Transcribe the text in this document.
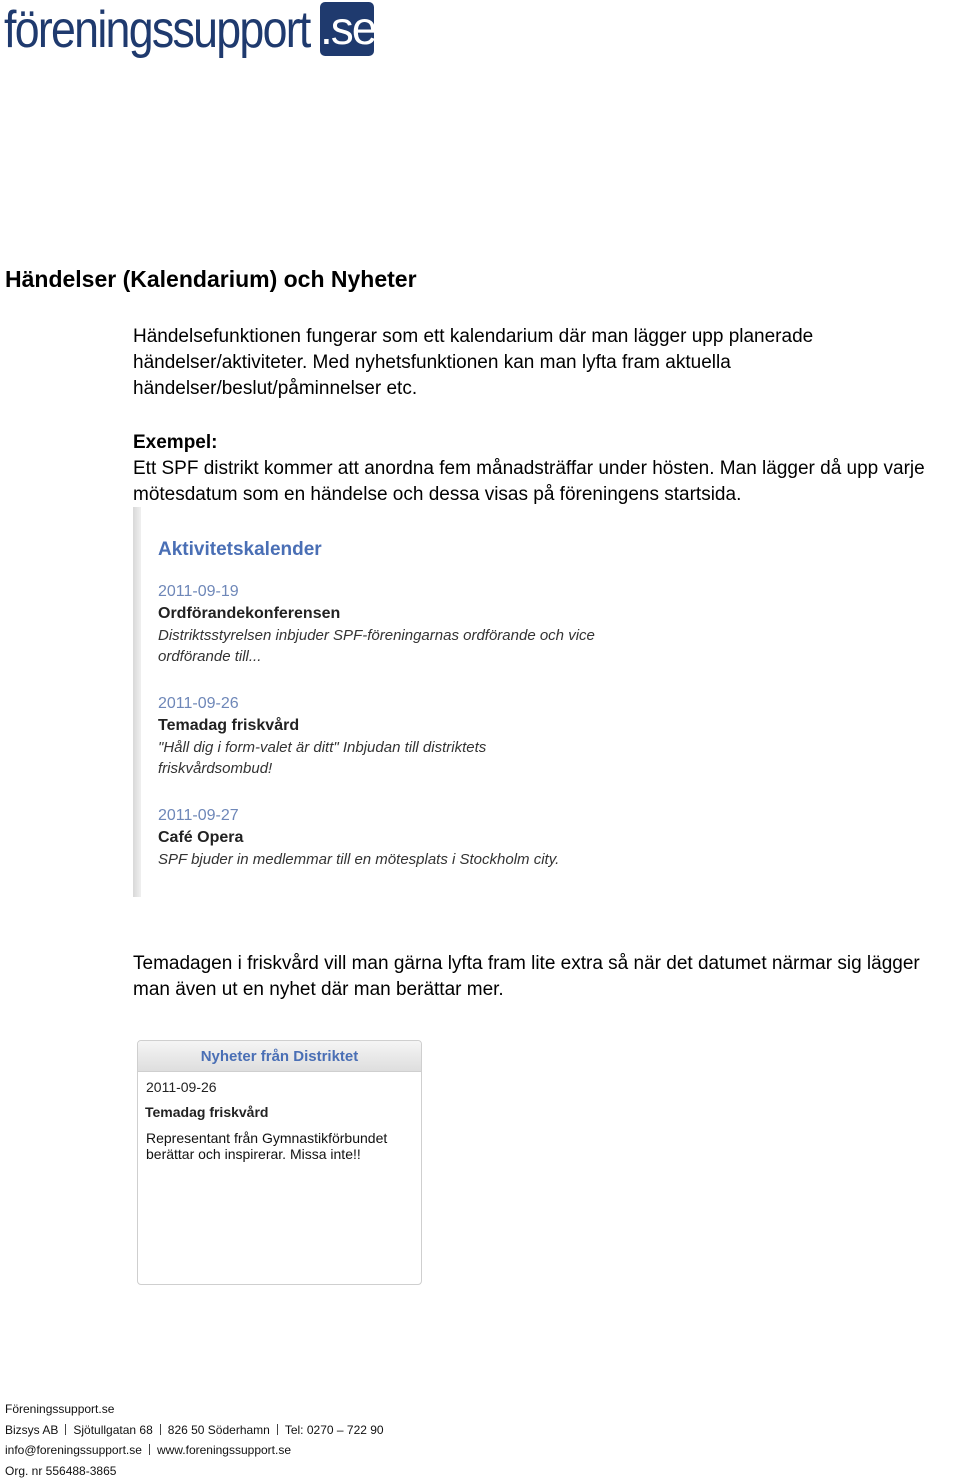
föreningssupport .se
Händelser (Kalendarium) och Nyheter
Händelsefunktionen fungerar som ett kalendarium där man lägger upp planerade händelser/aktiviteter. Med nyhetsfunktionen kan man lyfta fram aktuella händelser/beslut/påminnelser etc.
Exempel:
Ett SPF distrikt kommer att anordna fem månadsträffar under hösten. Man lägger då upp varje mötesdatum som en händelse och dessa visas på föreningens startsida.
Aktivitetskalender
2011-09-19
Ordförandekonferensen
Distriktsstyrelsen inbjuder SPF-föreningarnas ordförande och vice ordförande till...
2011-09-26
Temadag friskvård
"Håll dig i form-valet är ditt" Inbjudan till distriktets friskvårdsombud!
2011-09-27
Café Opera
SPF bjuder in medlemmar till en mötesplats i Stockholm city.
Temadagen i friskvård vill man gärna lyfta fram lite extra så när det datumet närmar sig lägger man även ut en nyhet där man berättar mer.
Nyheter från Distriktet
2011-09-26
Temadag friskvård
Representant från Gymnastikförbundet berättar och inspirerar. Missa inte!!
Föreningssupport.se
Bizsys AB Sjötullgatan 68 826 50 Söderhamn Tel: 0270 – 722 90
info@foreningssupport.se www.foreningssupport.se
Org. nr 556488-3865
